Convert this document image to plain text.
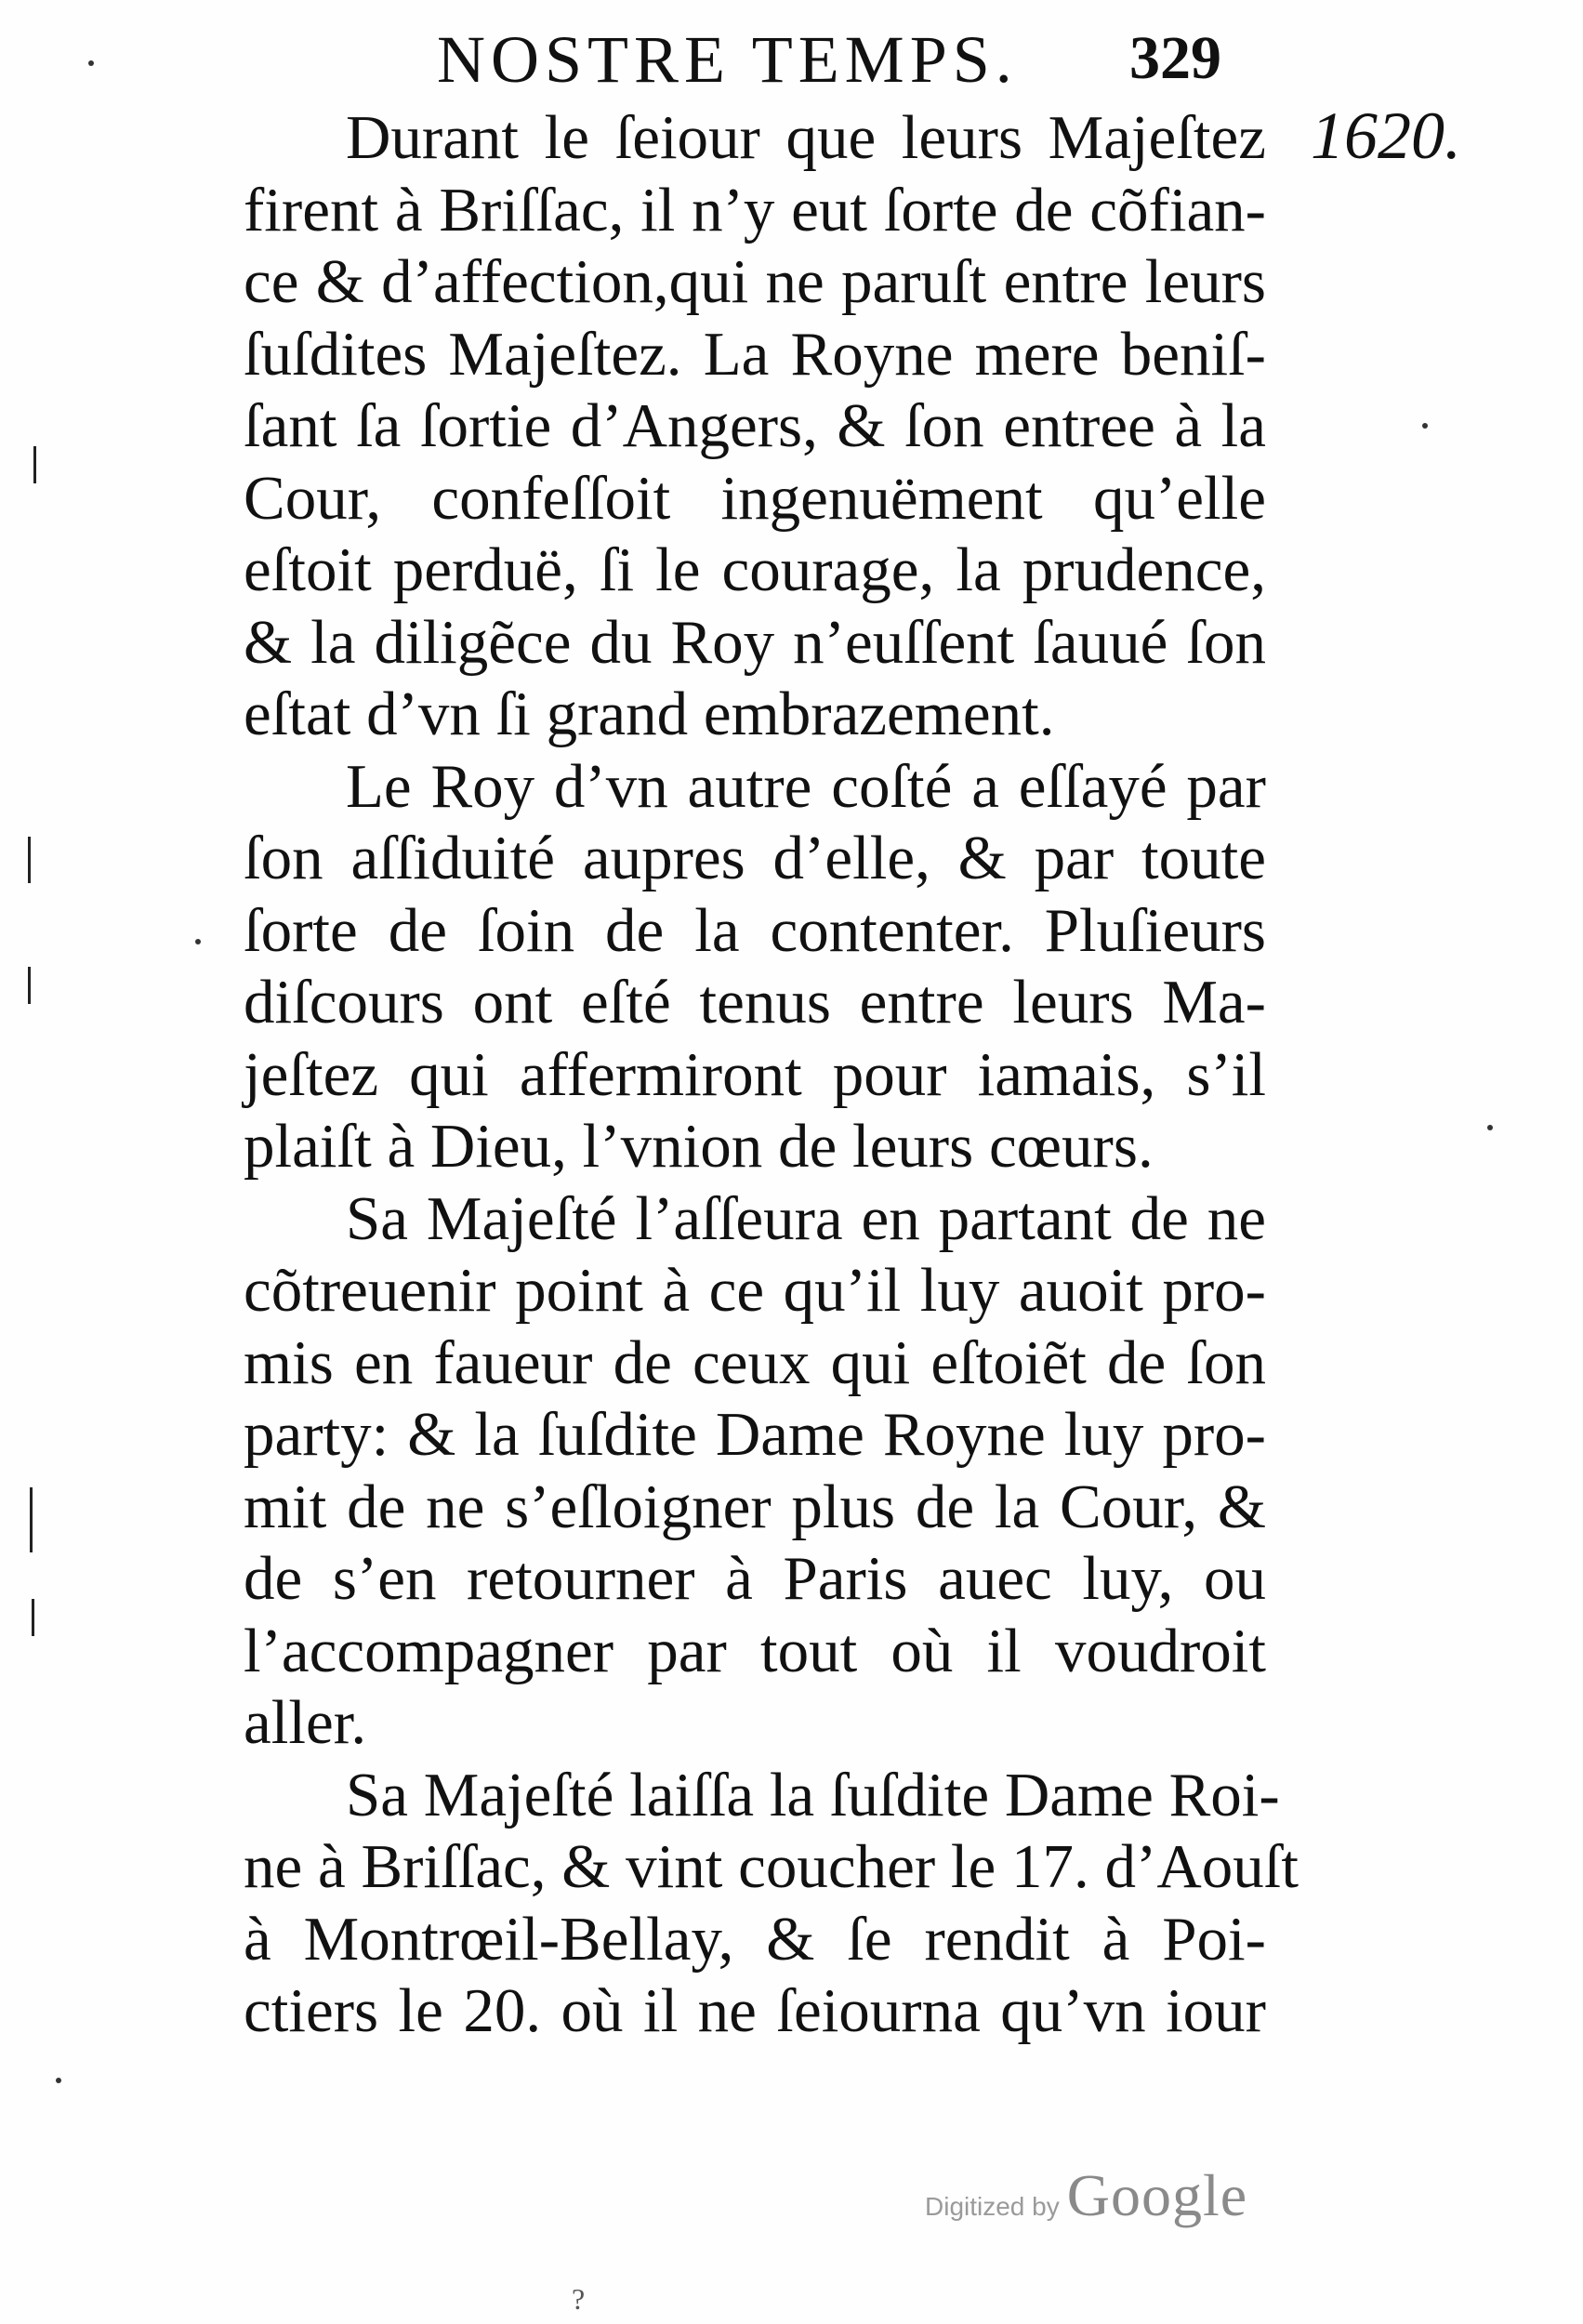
NOSTRE TEMPS. 329
1620.
Durant le ſeiour que leurs Majeſtez
firent à Briſſac, il n’y eut ſorte de cõfian-
ce & d’affection,qui ne paruſt entre leurs
ſuſdites Majeſtez. La Royne mere beniſ-
ſant ſa ſortie d’Angers, & ſon entree à la
Cour, confeſſoit ingenuëment qu’elle
eſtoit perduë, ſi le courage, la prudence,
& la diligẽce du Roy n’euſſent ſauué ſon
eſtat d’vn ſi grand embrazement.
Le Roy d’vn autre coſté a eſſayé par
ſon aſſiduité aupres d’elle, & par toute
ſorte de ſoin de la contenter. Pluſieurs
diſcours ont eſté tenus entre leurs Ma-
jeſtez qui affermiront pour iamais, s’il
plaiſt à Dieu, l’vnion de leurs cœurs.
Sa Majeſté l’aſſeura en partant de ne
cõtreuenir point à ce qu’il luy auoit pro-
mis en faueur de ceux qui eſtoiẽt de ſon
party: & la ſuſdite Dame Royne luy pro-
mit de ne s’eſloigner plus de la Cour, &
de s’en retourner à Paris auec luy, ou
l’accompagner par tout où il voudroit
aller.
Sa Majeſté laiſſa la ſuſdite Dame Roi-
ne à Briſſac, & vint coucher le 17. d’Aouſt
à Montrœil-Bellay, & ſe rendit à Poi-
ctiers le 20. où il ne ſeiourna qu’vn iour
Digitized by Google
?
